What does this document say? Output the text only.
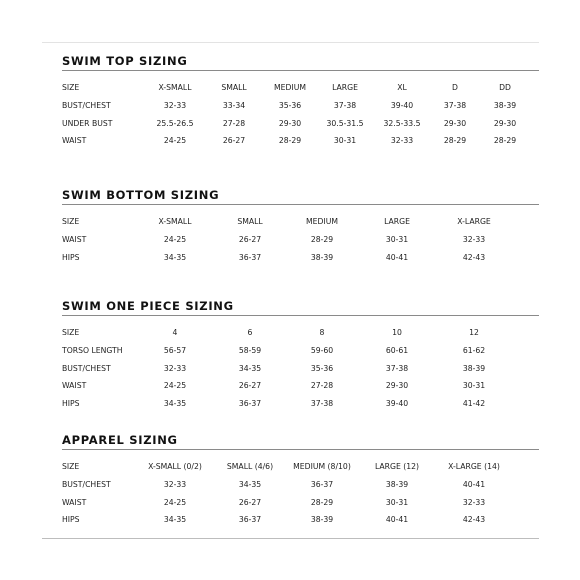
SWIM TOP SIZING
SIZE	X-SMALL	SMALL	MEDIUM	LARGE	XL	D	DD
BUST/CHEST	32-33	33-34	35-36	37-38	39-40	37-38	38-39
UNDER BUST	25.5-26.5	27-28	29-30	30.5-31.5	32.5-33.5	29-30	29-30
WAIST	24-25	26-27	28-29	30-31	32-33	28-29	28-29
SWIM BOTTOM SIZING
SIZE	X-SMALL	SMALL	MEDIUM	LARGE	X-LARGE
WAIST	24-25	26-27	28-29	30-31	32-33
HIPS	34-35	36-37	38-39	40-41	42-43
SWIM ONE PIECE SIZING
SIZE	4	6	8	10	12
TORSO LENGTH	56-57	58-59	59-60	60-61	61-62
BUST/CHEST	32-33	34-35	35-36	37-38	38-39
WAIST	24-25	26-27	27-28	29-30	30-31
HIPS	34-35	36-37	37-38	39-40	41-42
APPAREL SIZING
SIZE	X-SMALL (0/2)	SMALL (4/6)	MEDIUM (8/10)	LARGE (12)	X-LARGE (14)
BUST/CHEST	32-33	34-35	36-37	38-39	40-41
WAIST	24-25	26-27	28-29	30-31	32-33
HIPS	34-35	36-37	38-39	40-41	42-43
